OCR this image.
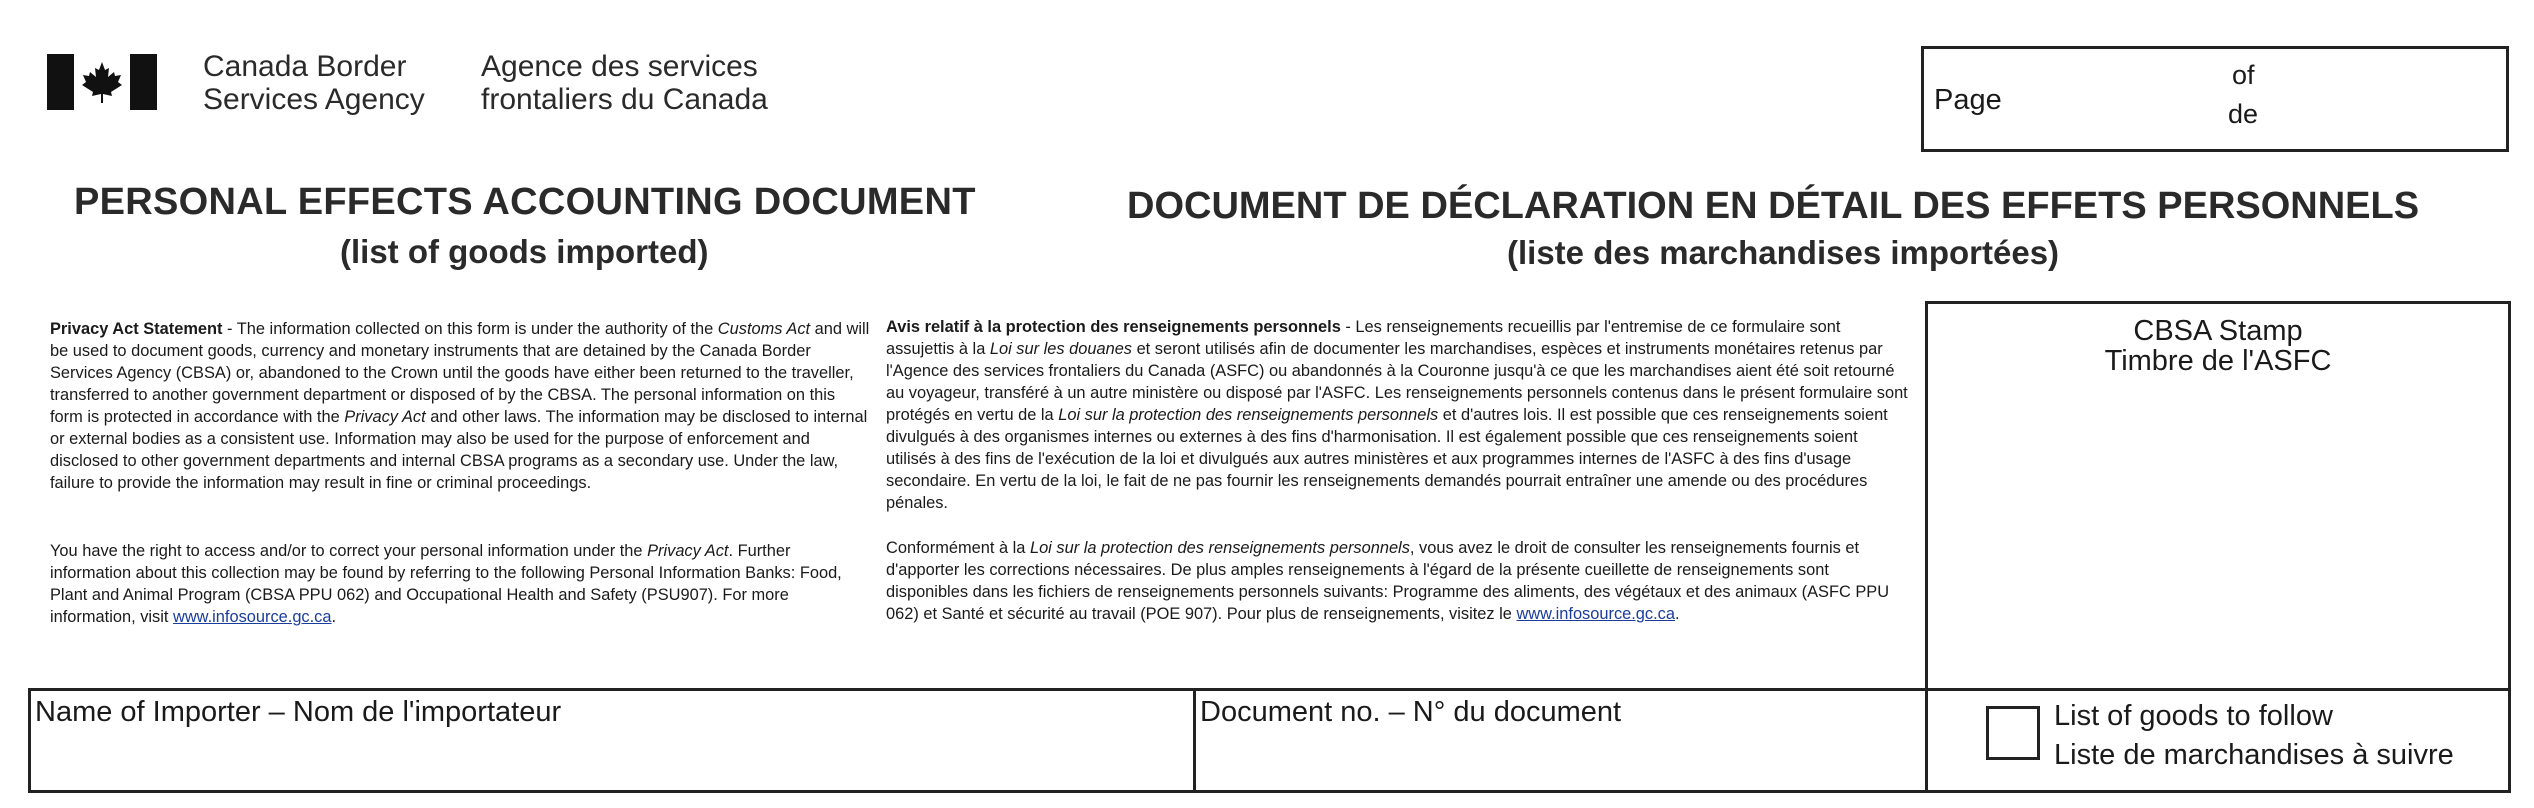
Canada Border
Services Agency
Agence des services
frontaliers du Canada	Page
of
de
PERSONAL EFFECTS ACCOUNTING DOCUMENT
(list of goods imported)
DOCUMENT DE DÉCLARATION EN DÉTAIL DES EFFETS PERSONNELS
(liste des marchandises importées)
Privacy Act Statement - The information collected on this form is under the authority of the Customs Act and will be used to document goods, currency and monetary instruments that are detained by the Canada Border Services Agency (CBSA) or, abandoned to the Crown until the goods have either been returned to the traveller, transferred to another government department or disposed of by the CBSA. The personal information on this form is protected in accordance with the Privacy Act and other laws. The information may be disclosed to internal or external bodies as a consistent use. Information may also be used for the purpose of enforcement and disclosed to other government departments and internal CBSA programs as a secondary use. Under the law, failure to provide the information may result in fine or criminal proceedings.
You have the right to access and/or to correct your personal information under the Privacy Act. Further information about this collection may be found by referring to the following Personal Information Banks: Food, Plant and Animal Program (CBSA PPU 062) and Occupational Health and Safety (PSU907). For more information, visit www.infosource.gc.ca.
Avis relatif à la protection des renseignements personnels - Les renseignements recueillis par l'entremise de ce formulaire sont assujettis à la Loi sur les douanes et seront utilisés afin de documenter les marchandises, espèces et instruments monétaires retenus par l'Agence des services frontaliers du Canada (ASFC) ou abandonnés à la Couronne jusqu'à ce que les marchandises aient été soit retourné au voyageur, transféré à un autre ministère ou disposé par l'ASFC. Les renseignements personnels contenus dans le présent formulaire sont protégés en vertu de la Loi sur la protection des renseignements personnels et d'autres lois. Il est possible que ces renseignements soient divulgués à des organismes internes ou externes à des fins d'harmonisation. Il est également possible que ces renseignements soient utilisés à des fins de l'exécution de la loi et divulgués aux autres ministères et aux programmes internes de l'ASFC à des fins d'usage secondaire. En vertu de la loi, le fait de ne pas fournir les renseignements demandés pourrait entraîner une amende ou des procédures pénales.
Conformément à la Loi sur la protection des renseignements personnels, vous avez le droit de consulter les renseignements fournis et d'apporter les corrections nécessaires. De plus amples renseignements à l'égard de la présente cueillette de renseignements sont disponibles dans les fichiers de renseignements personnels suivants: Programme des aliments, des végétaux et des animaux (ASFC PPU 062) et Santé et sécurité au travail (POE 907). Pour plus de renseignements, visitez le www.infosource.gc.ca.
CBSA Stamp
Timbre de l'ASFC
Name of Importer – Nom de l'importateur	Document no. – N° du document	List of goods to follow
Liste de marchandises à suivre
